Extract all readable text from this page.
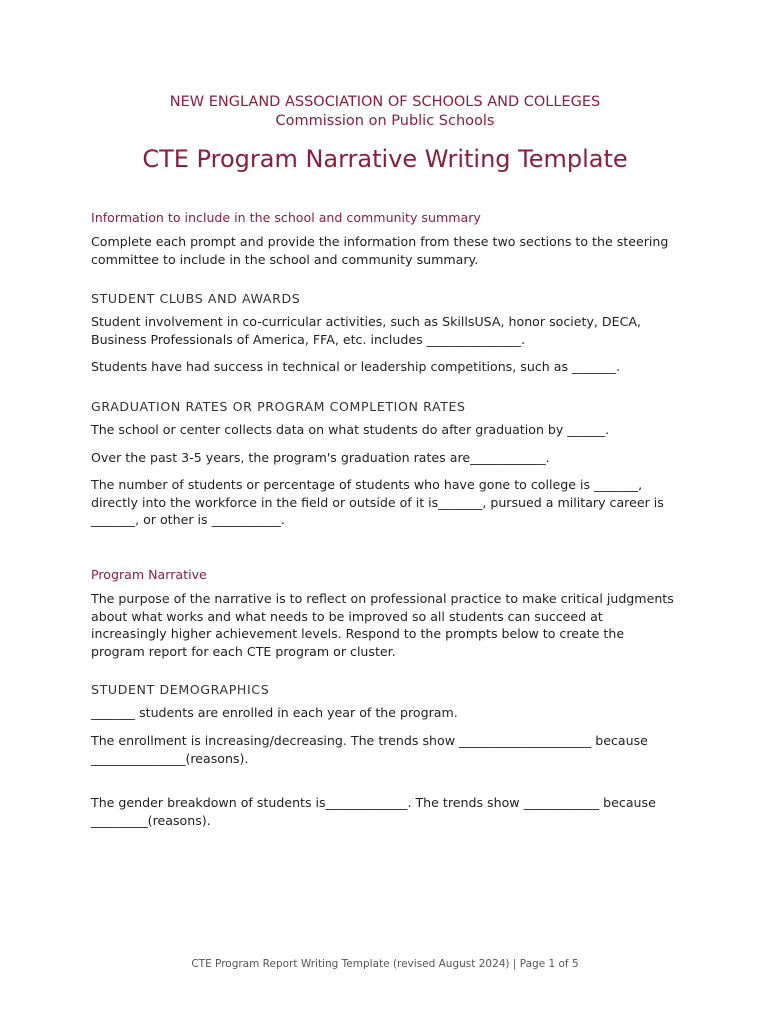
NEW ENGLAND ASSOCIATION OF SCHOOLS AND COLLEGES
Commission on Public Schools
CTE Program Narrative Writing Template
Information to include in the school and community summary

Complete each prompt and provide the information from these two sections to the steering
committee to include in the school and community summary.

STUDENT CLUBS AND AWARDS

Student involvement in co-curricular activities, such as SkillsUSA, honor society, DECA,
Business Professionals of America, FFA, etc. includes _______________.

Students have had success in technical or leadership competitions, such as _______.

GRADUATION RATES OR PROGRAM COMPLETION RATES

The school or center collects data on what students do after graduation by ______.

Over the past 3-5 years, the program's graduation rates are____________.

The number of students or percentage of students who have gone to college is _______,
directly into the workforce in the field or outside of it is_______, pursued a military career is
_______, or other is ___________.

Program Narrative

The purpose of the narrative is to reflect on professional practice to make critical judgments
about what works and what needs to be improved so all students can succeed at
increasingly higher achievement levels. Respond to the prompts below to create the
program report for each CTE program or cluster.

STUDENT DEMOGRAPHICS

_______ students are enrolled in each year of the program.

The enrollment is increasing/decreasing. The trends show _____________________ because
_______________(reasons).

The gender breakdown of students is_____________. The trends show ____________ because
_________(reasons).

CTE Program Report Writing Template (revised August 2024) | Page 1 of 5
